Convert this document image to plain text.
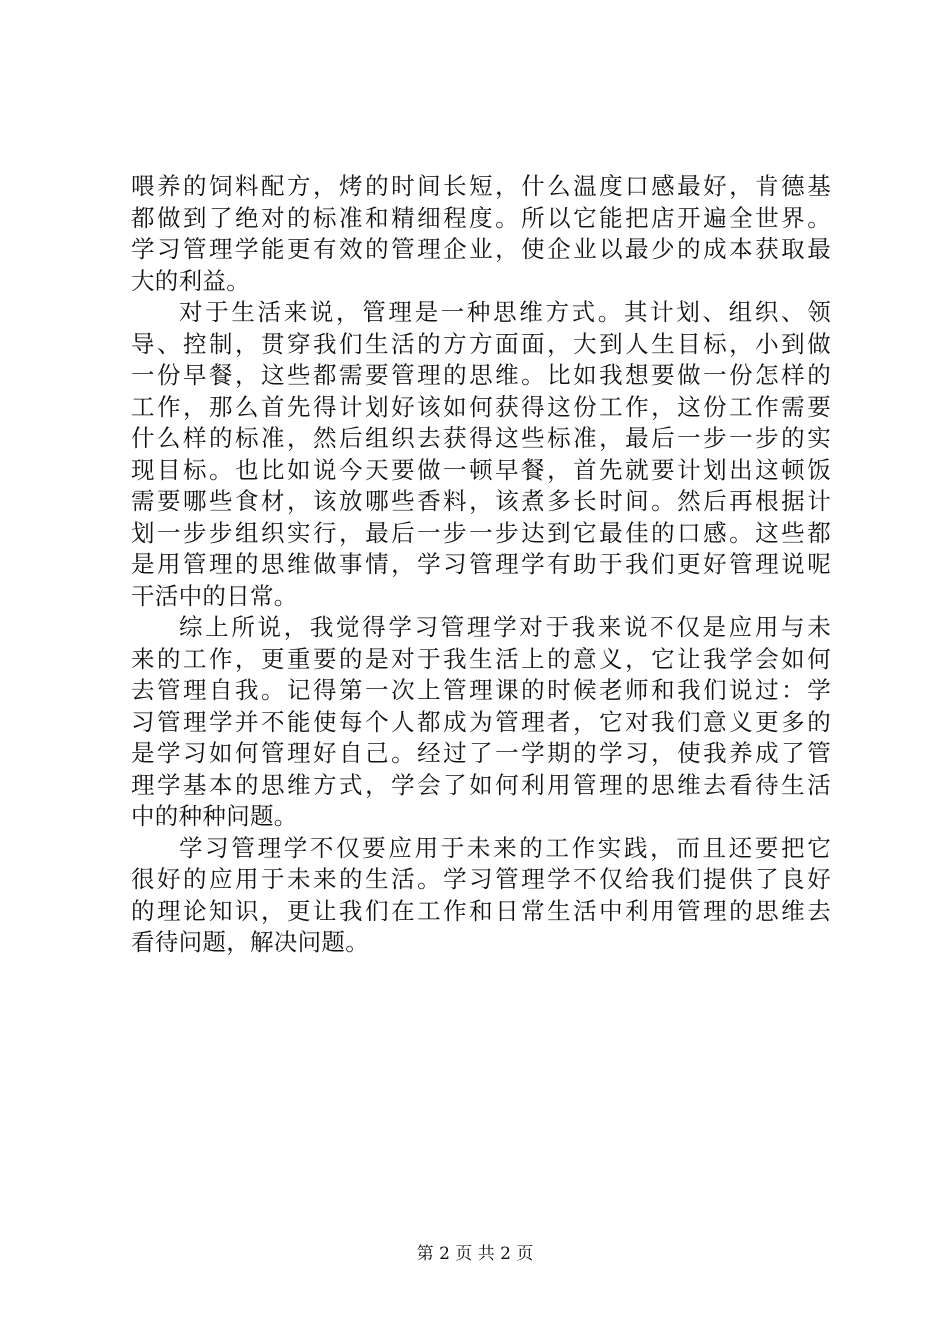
喂养的饲料配方，烤的时间长短，什么温度口感最好，肯德基
都做到了绝对的标准和精细程度。所以它能把店开遍全世界。
学习管理学能更有效的管理企业，使企业以最少的成本获取最
大的利益。
对于生活来说，管理是一种思维方式。其计划、组织、领
导、控制，贯穿我们生活的方方面面，大到人生目标，小到做
一份早餐，这些都需要管理的思维。比如我想要做一份怎样的
工作，那么首先得计划好该如何获得这份工作，这份工作需要
什么样的标准，然后组织去获得这些标准，最后一步一步的实
现目标。也比如说今天要做一顿早餐，首先就要计划出这顿饭
需要哪些食材，该放哪些香料，该煮多长时间。然后再根据计
划一步步组织实行，最后一步一步达到它最佳的口感。这些都
是用管理的思维做事情，学习管理学有助于我们更好管理说呢
干活中的日常。
综上所说，我觉得学习管理学对于我来说不仅是应用与未
来的工作，更重要的是对于我生活上的意义，它让我学会如何
去管理自我。记得第一次上管理课的时候老师和我们说过：学
习管理学并不能使每个人都成为管理者，它对我们意义更多的
是学习如何管理好自己。经过了一学期的学习，使我养成了管
理学基本的思维方式，学会了如何利用管理的思维去看待生活
中的种种问题。
学习管理学不仅要应用于未来的工作实践，而且还要把它
很好的应用于未来的生活。学习管理学不仅给我们提供了良好
的理论知识，更让我们在工作和日常生活中利用管理的思维去
看待问题，解决问题。
第 2 页 共 2 页
